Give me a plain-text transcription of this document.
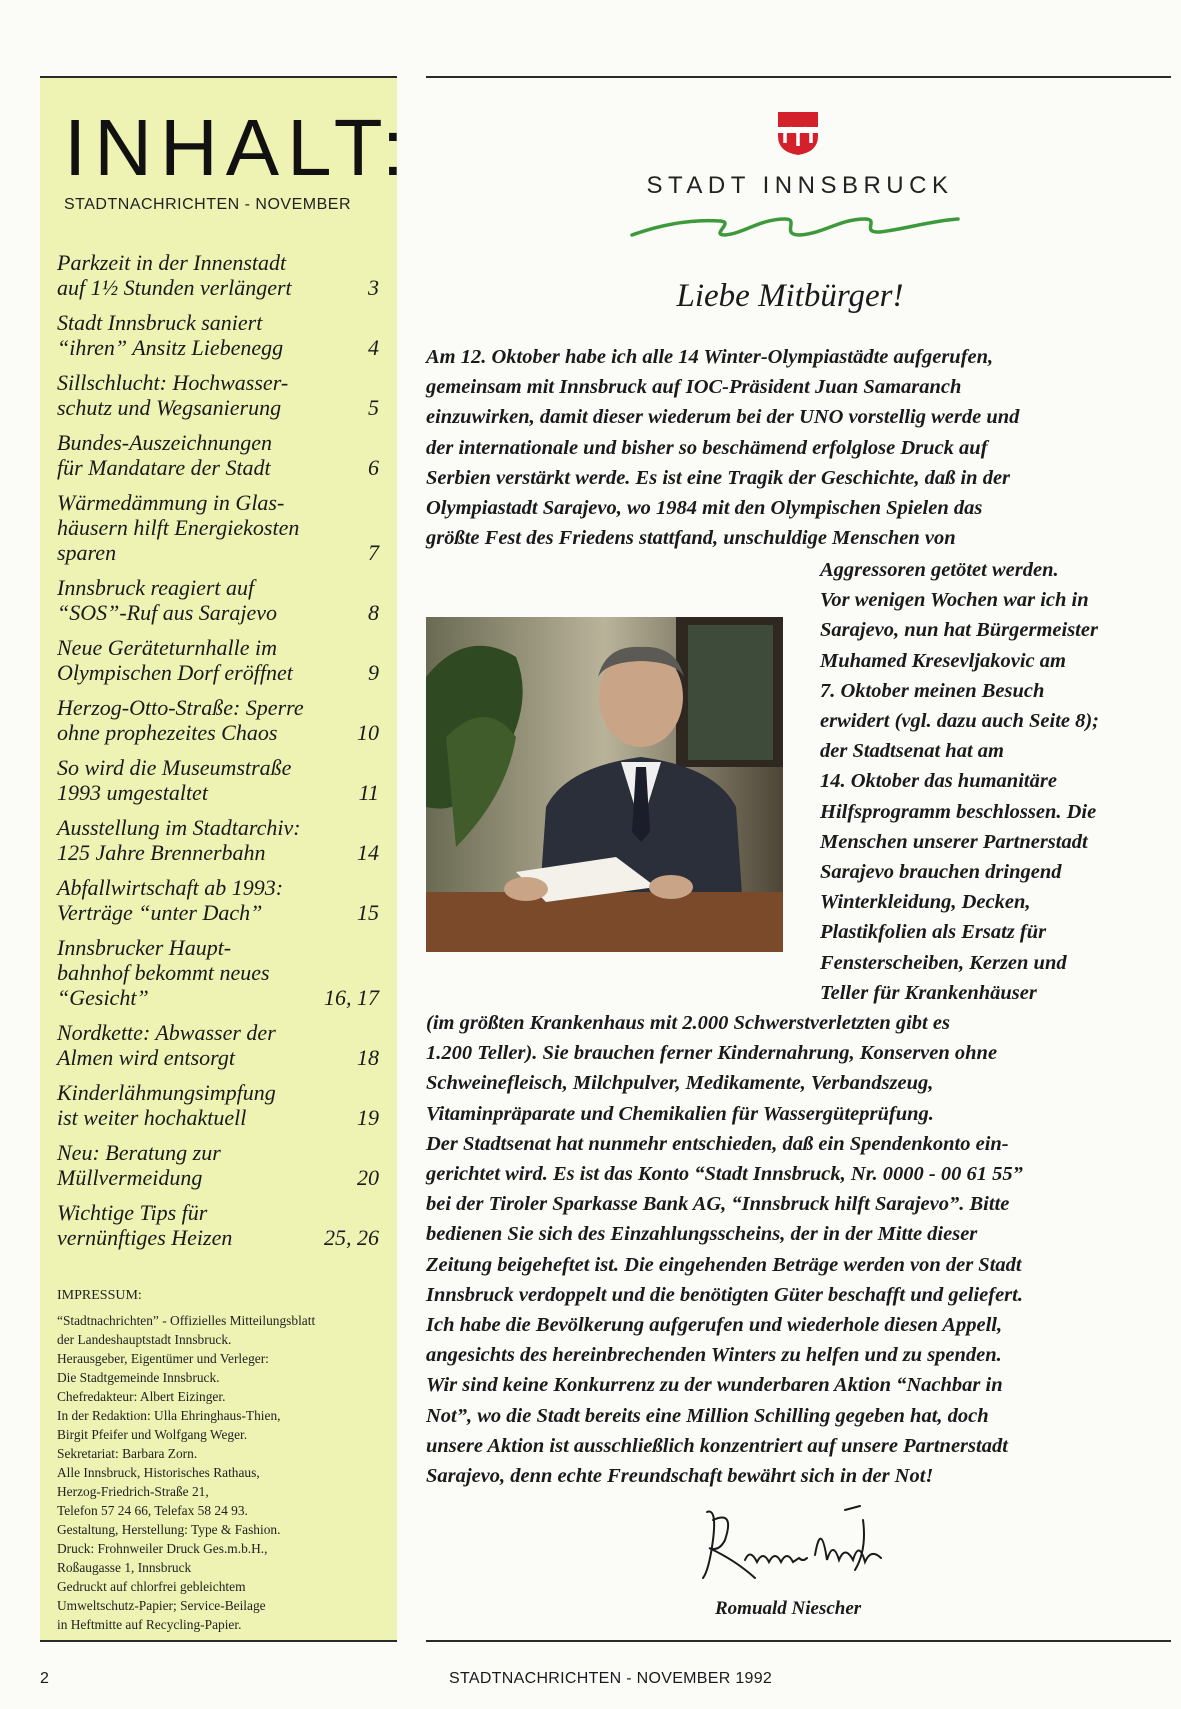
INHALT:
STADTNACHRICHTEN - NOVEMBER
Parkzeit in der Innenstadt
auf 1½ Stunden verlängert	3
Stadt Innsbruck saniert
“ihren” Ansitz Liebenegg	4
Sillschlucht: Hochwasser-
schutz und Wegsanierung	5
Bundes-Auszeichnungen
für Mandatare der Stadt	6
Wärmedämmung in Glas-
häusern hilft Energiekosten
sparen	7
Innsbruck reagiert auf
“SOS”-Ruf aus Sarajevo	8
Neue Geräteturnhalle im
Olympischen Dorf eröffnet	9
Herzog-Otto-Straße: Sperre
ohne prophezeites Chaos	10
So wird die Museumstraße
1993 umgestaltet	11
Ausstellung im Stadtarchiv:
125 Jahre Brennerbahn	14
Abfallwirtschaft ab 1993:
Verträge “unter Dach”	15
Innsbrucker Haupt-
bahnhof bekommt neues
“Gesicht”	16, 17
Nordkette: Abwasser der
Almen wird entsorgt	18
Kinderlähmungsimpfung
ist weiter hochaktuell	19
Neu: Beratung zur
Müllvermeidung	20
Wichtige Tips für
vernünftiges Heizen	25, 26
IMPRESSUM:
“Stadtnachrichten” - Offizielles Mitteilungsblatt
der Landeshauptstadt Innsbruck.
Herausgeber, Eigentümer und Verleger:
Die Stadtgemeinde Innsbruck.
Chefredakteur: Albert Eizinger.
In der Redaktion: Ulla Ehringhaus-Thien,
Birgit Pfeifer und Wolfgang Weger.
Sekretariat: Barbara Zorn.
Alle Innsbruck, Historisches Rathaus,
Herzog-Friedrich-Straße 21,
Telefon 57 24 66, Telefax 58 24 93.
Gestaltung, Herstellung: Type & Fashion.
Druck: Frohnweiler Druck Ges.m.b.H.,
Roßaugasse 1, Innsbruck
Gedruckt auf chlorfrei gebleichtem
Umweltschutz-Papier; Service-Beilage
in Heftmitte auf Recycling-Papier.
STADT INNSBRUCK
Liebe Mitbürger!
Am 12. Oktober habe ich alle 14 Winter-Olympiastädte aufgerufen,
gemeinsam mit Innsbruck auf IOC-Präsident Juan Samaranch
einzuwirken, damit dieser wiederum bei der UNO vorstellig werde und
der internationale und bisher so beschämend erfolglose Druck auf
Serbien verstärkt werde. Es ist eine Tragik der Geschichte, daß in der
Olympiastadt Sarajevo, wo 1984 mit den Olympischen Spielen das
größte Fest des Friedens stattfand, unschuldige Menschen von
Aggressoren getötet werden.
Vor wenigen Wochen war ich in
Sarajevo, nun hat Bürgermeister
Muhamed Kresevljakovic am
7. Oktober meinen Besuch
erwidert (vgl. dazu auch Seite 8);
der Stadtsenat hat am
14. Oktober das humanitäre
Hilfsprogramm beschlossen. Die
Menschen unserer Partnerstadt
Sarajevo brauchen dringend
Winterkleidung, Decken,
Plastikfolien als Ersatz für
Fensterscheiben, Kerzen und
Teller für Krankenhäuser
(im größten Krankenhaus mit 2.000 Schwerstverletzten gibt es
1.200 Teller). Sie brauchen ferner Kindernahrung, Konserven ohne
Schweinefleisch, Milchpulver, Medikamente, Verbandszeug,
Vitaminpräparate und Chemikalien für Wassergüteprüfung.
Der Stadtsenat hat nunmehr entschieden, daß ein Spendenkonto ein-
gerichtet wird. Es ist das Konto “Stadt Innsbruck, Nr. 0000 - 00 61 55”
bei der Tiroler Sparkasse Bank AG, “Innsbruck hilft Sarajevo”. Bitte
bedienen Sie sich des Einzahlungsscheins, der in der Mitte dieser
Zeitung beigeheftet ist. Die eingehenden Beträge werden von der Stadt
Innsbruck verdoppelt und die benötigten Güter beschafft und geliefert.
Ich habe die Bevölkerung aufgerufen und wiederhole diesen Appell,
angesichts des hereinbrechenden Winters zu helfen und zu spenden.
Wir sind keine Konkurrenz zu der wunderbaren Aktion “Nachbar in
Not”, wo die Stadt bereits eine Million Schilling gegeben hat, doch
unsere Aktion ist ausschließlich konzentriert auf unsere Partnerstadt
Sarajevo, denn echte Freundschaft bewährt sich in der Not!
Romuald Niescher
2	STADTNACHRICHTEN - NOVEMBER 1992
